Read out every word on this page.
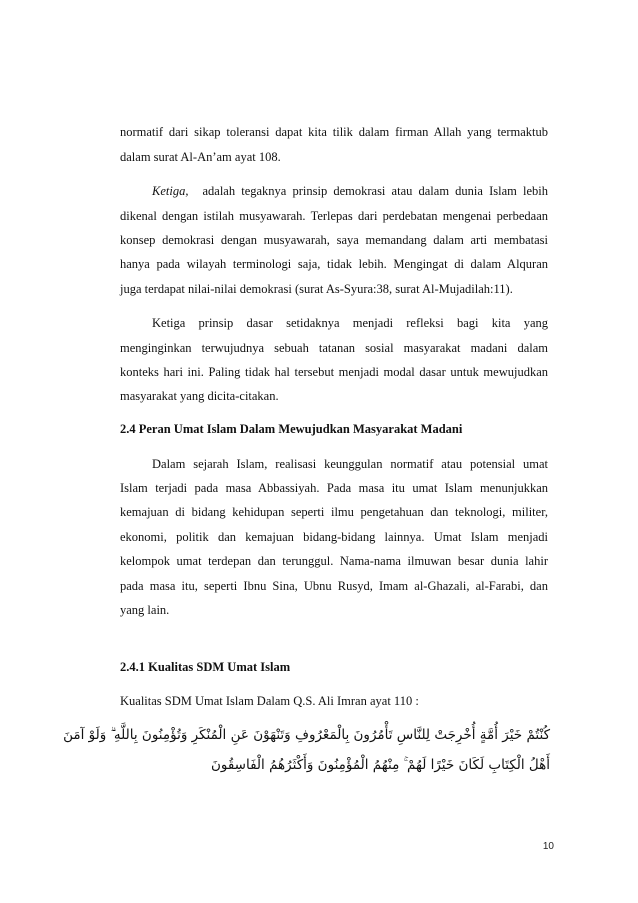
normatif dari sikap toleransi dapat kita tilik dalam firman Allah yang termaktub

dalam surat Al-An’am ayat 108.

Ketiga, adalah tegaknya prinsip demokrasi atau dalam dunia Islam lebih

dikenal dengan istilah musyawarah. Terlepas dari perdebatan mengenai perbedaan

konsep demokrasi dengan musyawarah, saya memandang dalam arti membatasi

hanya pada wilayah terminologi saja, tidak lebih. Mengingat di dalam Alquran

juga terdapat nilai-nilai demokrasi (surat As-Syura:38, surat Al-Mujadilah:11).

Ketiga prinsip dasar setidaknya menjadi refleksi bagi kita yang

menginginkan terwujudnya sebuah tatanan sosial masyarakat madani dalam

konteks hari ini. Paling tidak hal tersebut menjadi modal dasar untuk mewujudkan

masyarakat yang dicita-citakan.

2.4 Peran Umat Islam Dalam Mewujudkan Masyarakat Madani

Dalam sejarah Islam, realisasi keunggulan normatif atau potensial umat

Islam terjadi pada masa Abbassiyah. Pada masa itu umat Islam menunjukkan

kemajuan di bidang kehidupan seperti ilmu pengetahuan dan teknologi, militer,

ekonomi, politik dan kemajuan bidang-bidang lainnya. Umat Islam menjadi

kelompok umat terdepan dan terunggul. Nama-nama ilmuwan besar dunia lahir

pada masa itu, seperti Ibnu Sina, Ubnu Rusyd, Imam al-Ghazali, al-Farabi, dan

yang lain.

2.4.1 Kualitas SDM Umat Islam

Kualitas SDM Umat Islam Dalam Q.S. Ali Imran ayat 110 :

كُنْتُمْ خَيْرَ أُمَّةٍ أُخْرِجَتْ لِلنَّاسِ تَأْمُرُونَ بِالْمَعْرُوفِ وَتَنْهَوْنَ عَنِ الْمُنْكَرِ وَتُؤْمِنُونَ بِاللَّهِ ۗ وَلَوْ آمَنَ

أَهْلُ الْكِتَابِ لَكَانَ خَيْرًا لَهُمْ ۚ مِنْهُمُ الْمُؤْمِنُونَ وَأَكْثَرُهُمُ الْفَاسِقُونَ

10
